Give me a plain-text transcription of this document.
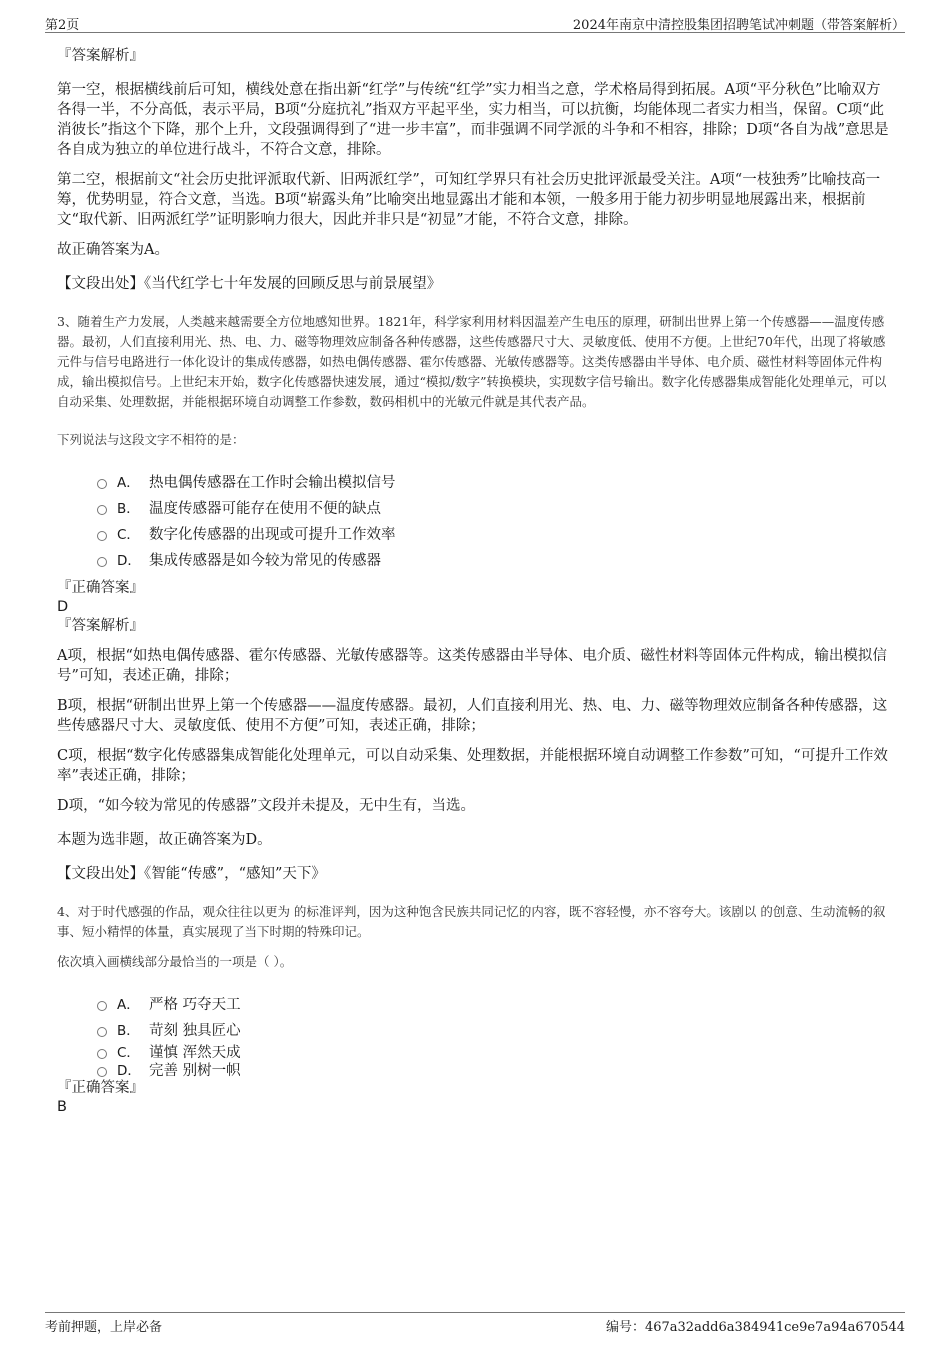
第2页	2024年南京中清控股集团招聘笔试冲刺题（带答案解析）

『答案解析』

第一空，根据横线前后可知，横线处意在指出新“红学”与传统“红学”实力相当之意，学术格局得到拓展。A项“平分秋色”比喻双方各得一半，不分高低，表示平局，B项“分庭抗礼”指双方平起平坐，实力相当，可以抗衡，均能体现二者实力相当，保留。C项“此消彼长”指这个下降，那个上升，文段强调得到了“进一步丰富”，而非强调不同学派的斗争和不相容，排除；D项“各自为战”意思是各自成为独立的单位进行战斗，不符合文意，排除。

第二空，根据前文“社会历史批评派取代新、旧两派红学”，可知红学界只有社会历史批评派最受关注。A项“一枝独秀”比喻技高一筹，优势明显，符合文意，当选。B项“崭露头角”比喻突出地显露出才能和本领，一般多用于能力初步明显地展露出来，根据前文“取代新、旧两派红学”证明影响力很大，因此并非只是“初显”才能，不符合文意，排除。

故正确答案为A。

【文段出处】《当代红学七十年发展的回顾反思与前景展望》

3、随着生产力发展，人类越来越需要全方位地感知世界。1821年，科学家利用材料因温差产生电压的原理，研制出世界上第一个传感器——温度传感器。最初，人们直接利用光、热、电、力、磁等物理效应制备各种传感器，这些传感器尺寸大、灵敏度低、使用不方便。上世纪70年代，出现了将敏感元件与信号电路进行一体化设计的集成传感器，如热电偶传感器、霍尔传感器、光敏传感器等。这类传感器由半导体、电介质、磁性材料等固体元件构成，输出模拟信号。上世纪末开始，数字化传感器快速发展，通过“模拟/数字”转换模块，实现数字信号输出。数字化传感器集成智能化处理单元，可以自动采集、处理数据，并能根据环境自动调整工作参数，数码相机中的光敏元件就是其代表产品。

下列说法与这段文字不相符的是：

A． 热电偶传感器在工作时会输出模拟信号
B． 温度传感器可能存在使用不便的缺点
C． 数字化传感器的出现或可提升工作效率
D． 集成传感器是如今较为常见的传感器

『正确答案』

D

『答案解析』

A项，根据“如热电偶传感器、霍尔传感器、光敏传感器等。这类传感器由半导体、电介质、磁性材料等固体元件构成，输出模拟信号”可知，表述正确，排除；

B项，根据“研制出世界上第一个传感器——温度传感器。最初，人们直接利用光、热、电、力、磁等物理效应制备各种传感器，这些传感器尺寸大、灵敏度低、使用不方便”可知，表述正确，排除；

C项，根据“数字化传感器集成智能化处理单元，可以自动采集、处理数据，并能根据环境自动调整工作参数”可知，“可提升工作效率”表述正确，排除；

D项，“如今较为常见的传感器”文段并未提及，无中生有，当选。

本题为选非题，故正确答案为D。

【文段出处】《智能“传感”，“感知”天下》

4、对于时代感强的作品，观众往往以更为 的标准评判，因为这种饱含民族共同记忆的内容，既不容轻慢，亦不容夸大。该剧以 的创意、生动流畅的叙事、短小精悍的体量，真实展现了当下时期的特殊印记。

依次填入画横线部分最恰当的一项是（ ）。

A． 严格 巧夺天工
B． 苛刻 独具匠心
C． 谨慎 浑然天成
D． 完善 别树一帜

『正确答案』

B

考前押题，上岸必备	编号：467a32add6a384941ce9e7a94a670544
